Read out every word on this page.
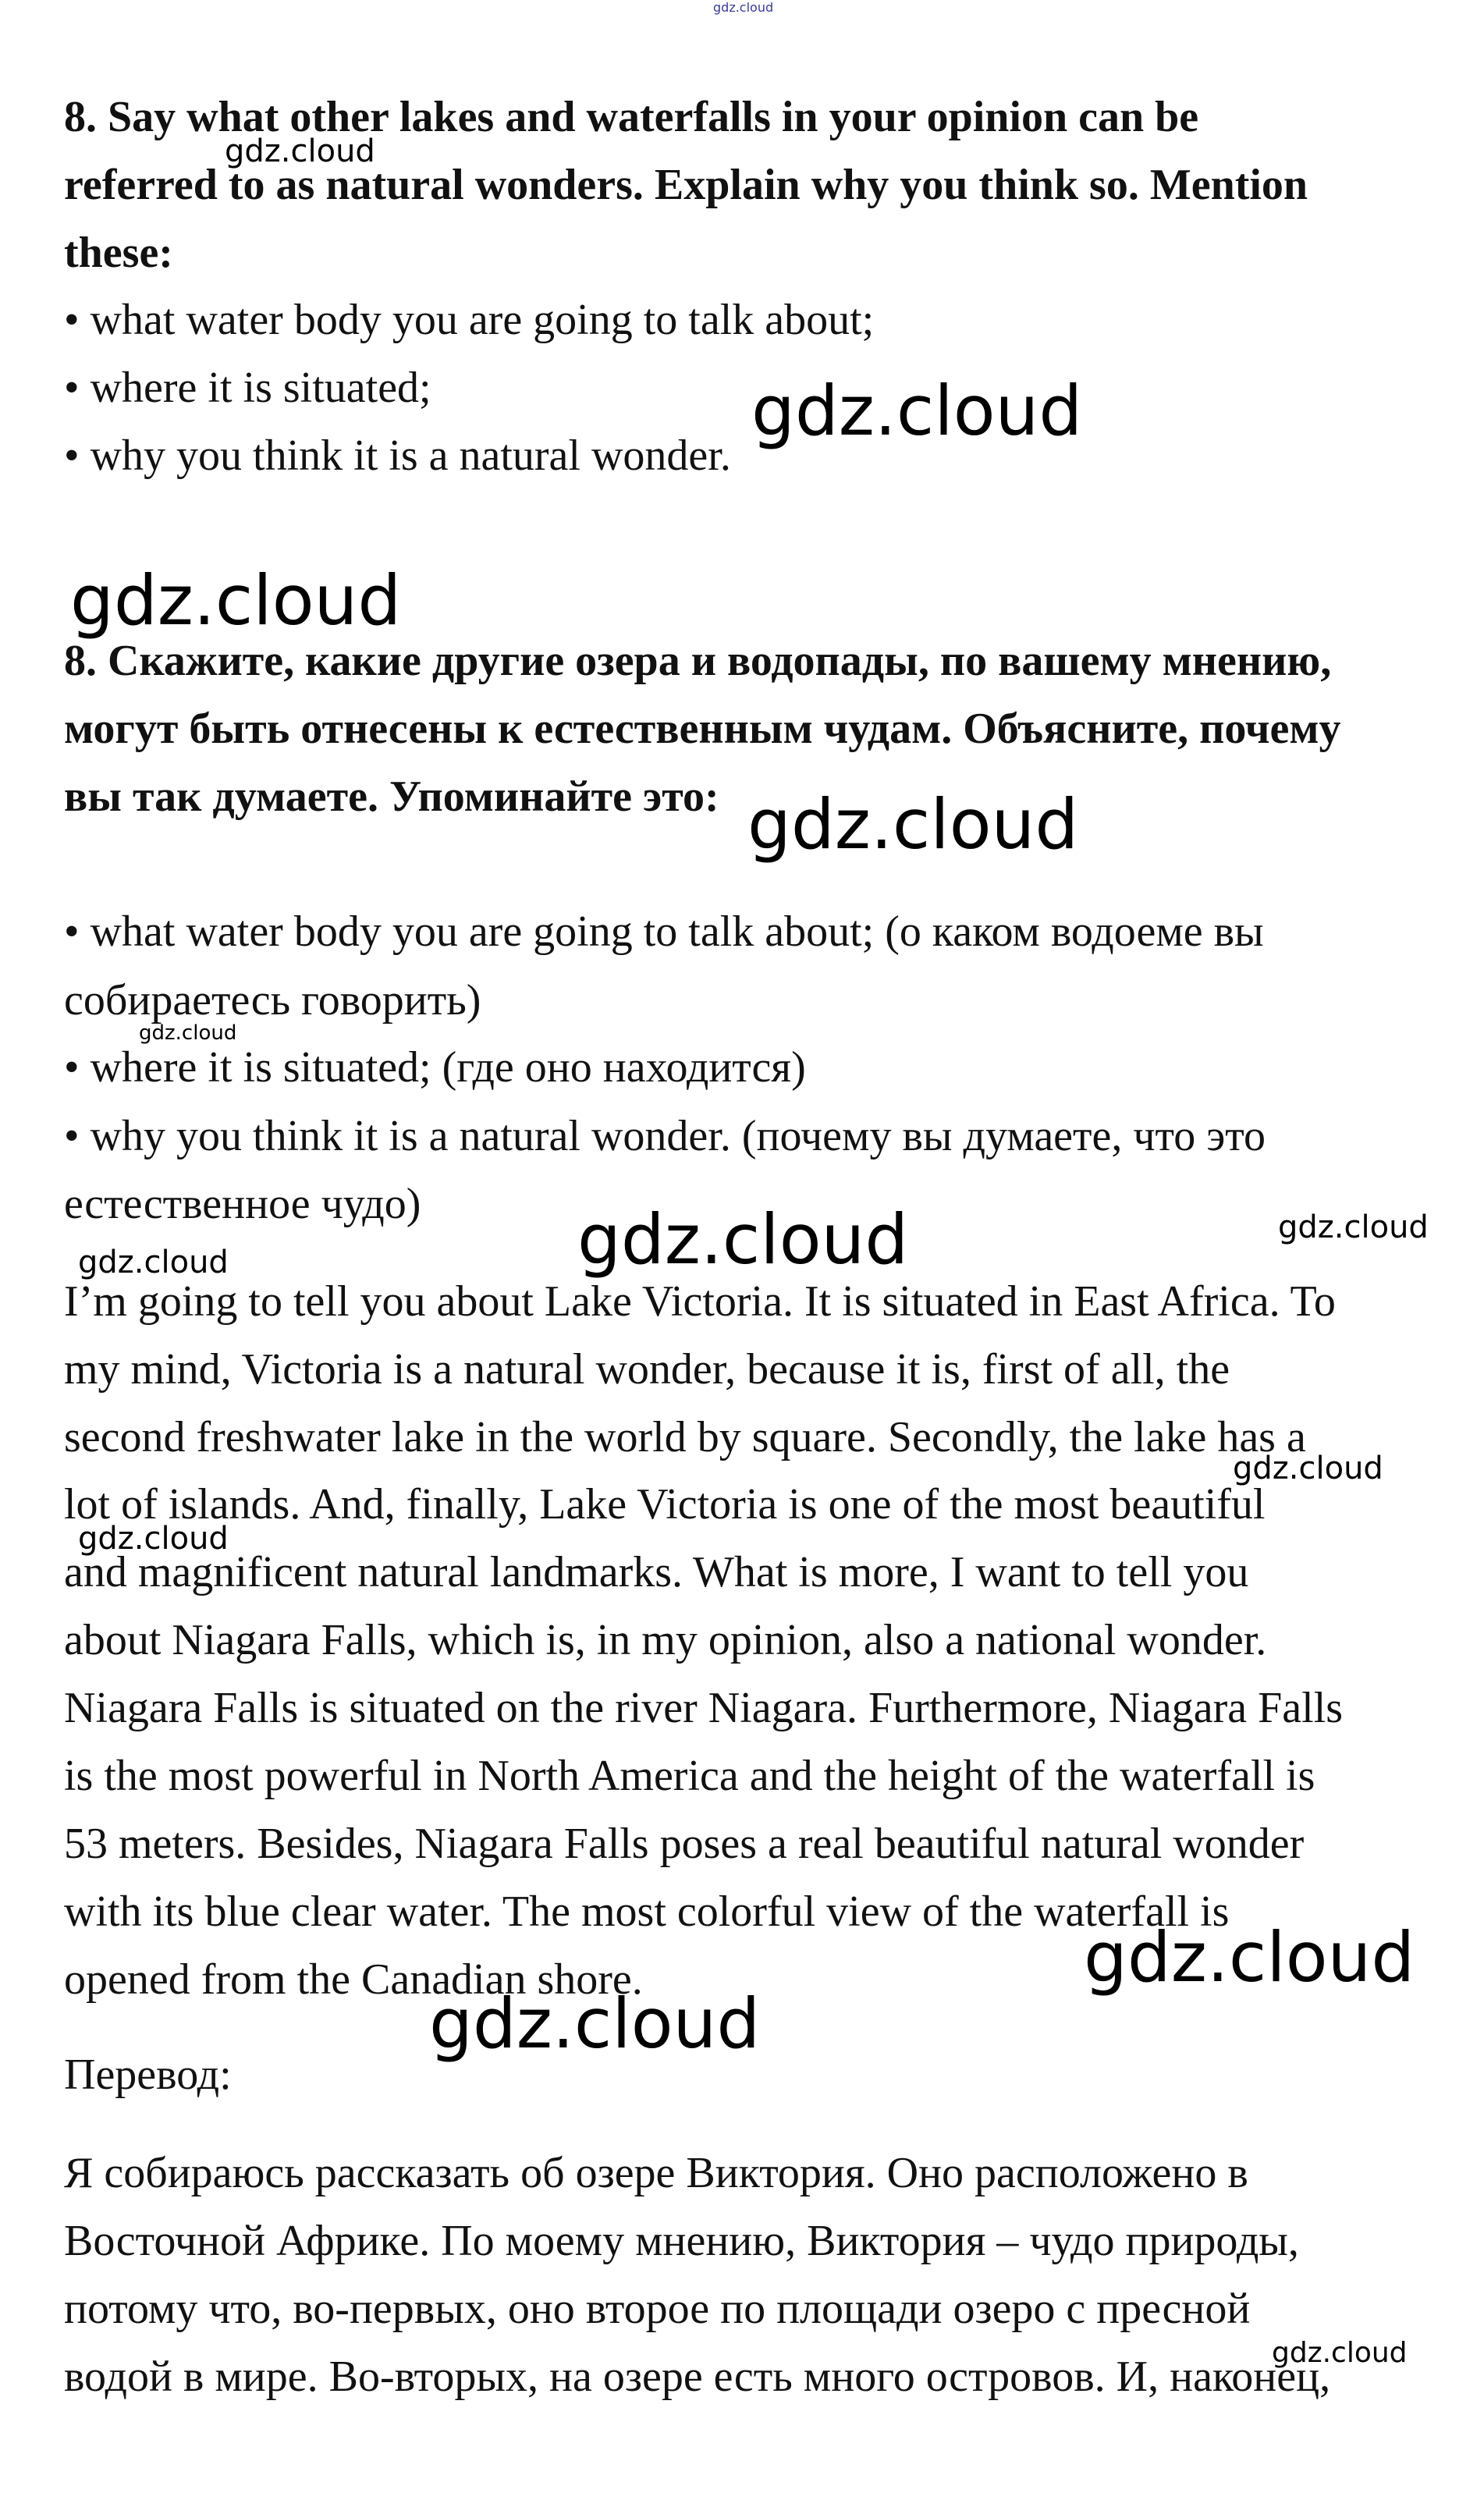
8. Say what other lakes and waterfalls in your opinion can be

referred to as natural wonders. Explain why you think so. Mention

these:

• what water body you are going to talk about;

• where it is situated;

• why you think it is a natural wonder.

8. Скажите, какие другие озера и водопады, по вашему мнению,

могут быть отнесены к естественным чудам. Объясните, почему

вы так думаете. Упоминайте это:

• what water body you are going to talk about; (о каком водоеме вы

собираетесь говорить)

• where it is situated; (где оно находится)

• why you think it is a natural wonder. (почему вы думаете, что это

естественное чудо)

I’m going to tell you about Lake Victoria. It is situated in East Africa. To

my mind, Victoria is a natural wonder, because it is, first of all, the

second freshwater lake in the world by square. Secondly, the lake has a

lot of islands. And, finally, Lake Victoria is one of the most beautiful

and magnificent natural landmarks. What is more, I want to tell you

about Niagara Falls, which is, in my opinion, also a national wonder.

Niagara Falls is situated on the river Niagara. Furthermore, Niagara Falls

is the most powerful in North America and the height of the waterfall is

53 meters. Besides, Niagara Falls poses a real beautiful natural wonder

with its blue clear water. The most colorful view of the waterfall is

opened from the Canadian shore.

Перевод:

Я собираюсь рассказать об озере Виктория. Оно расположено в

Восточной Африке. По моему мнению, Виктория – чудо природы,

потому что, во-первых, оно второе по площади озеро с пресной

водой в мире. Во-вторых, на озере есть много островов. И, наконец,

gdz.cloud
gdz.cloud
gdz.cloud
gdz.cloud
gdz.cloud
gdz.cloud
gdz.cloud	gdz.cloud
gdz.cloud
gdz.cloud
gdz.cloud
gdz.cloud
gdz.cloud
gdz.cloud
